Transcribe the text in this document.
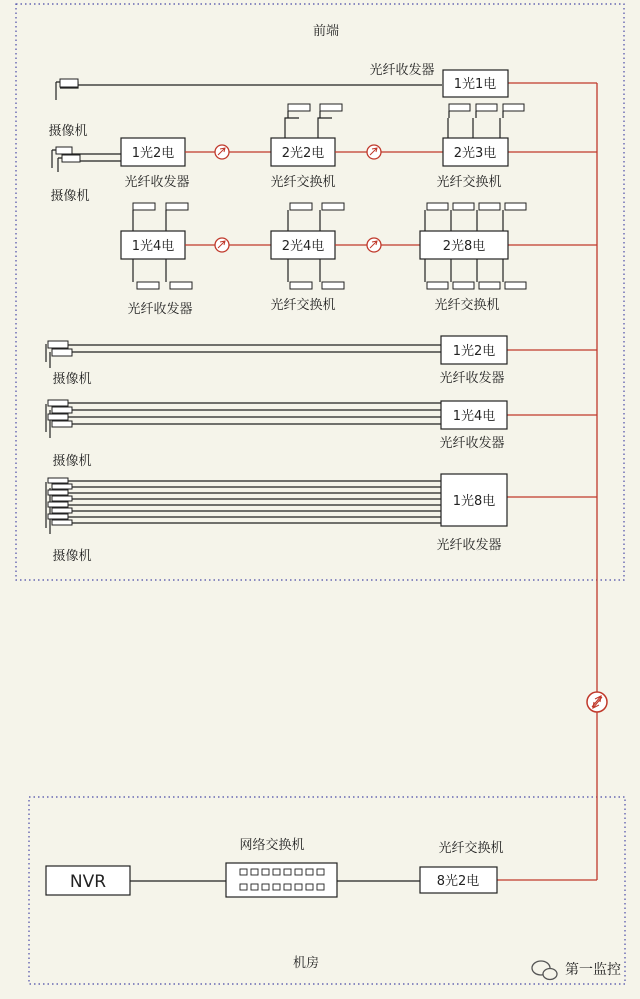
前端
机房
光纤收发器
1光1电
摄像机
摄像机
1光2电
光纤收发器
2光2电
光纤交换机
2光3电
光纤交换机
1光4电
光纤收发器
2光4电
光纤交换机
2光8电
光纤交换机
1光2电
摄像机	光纤收发器
1光4电
摄像机
光纤收发器
1光8电
摄像机
光纤收发器
NVR
网络交换机	光纤交换机
8光2电
第一监控
